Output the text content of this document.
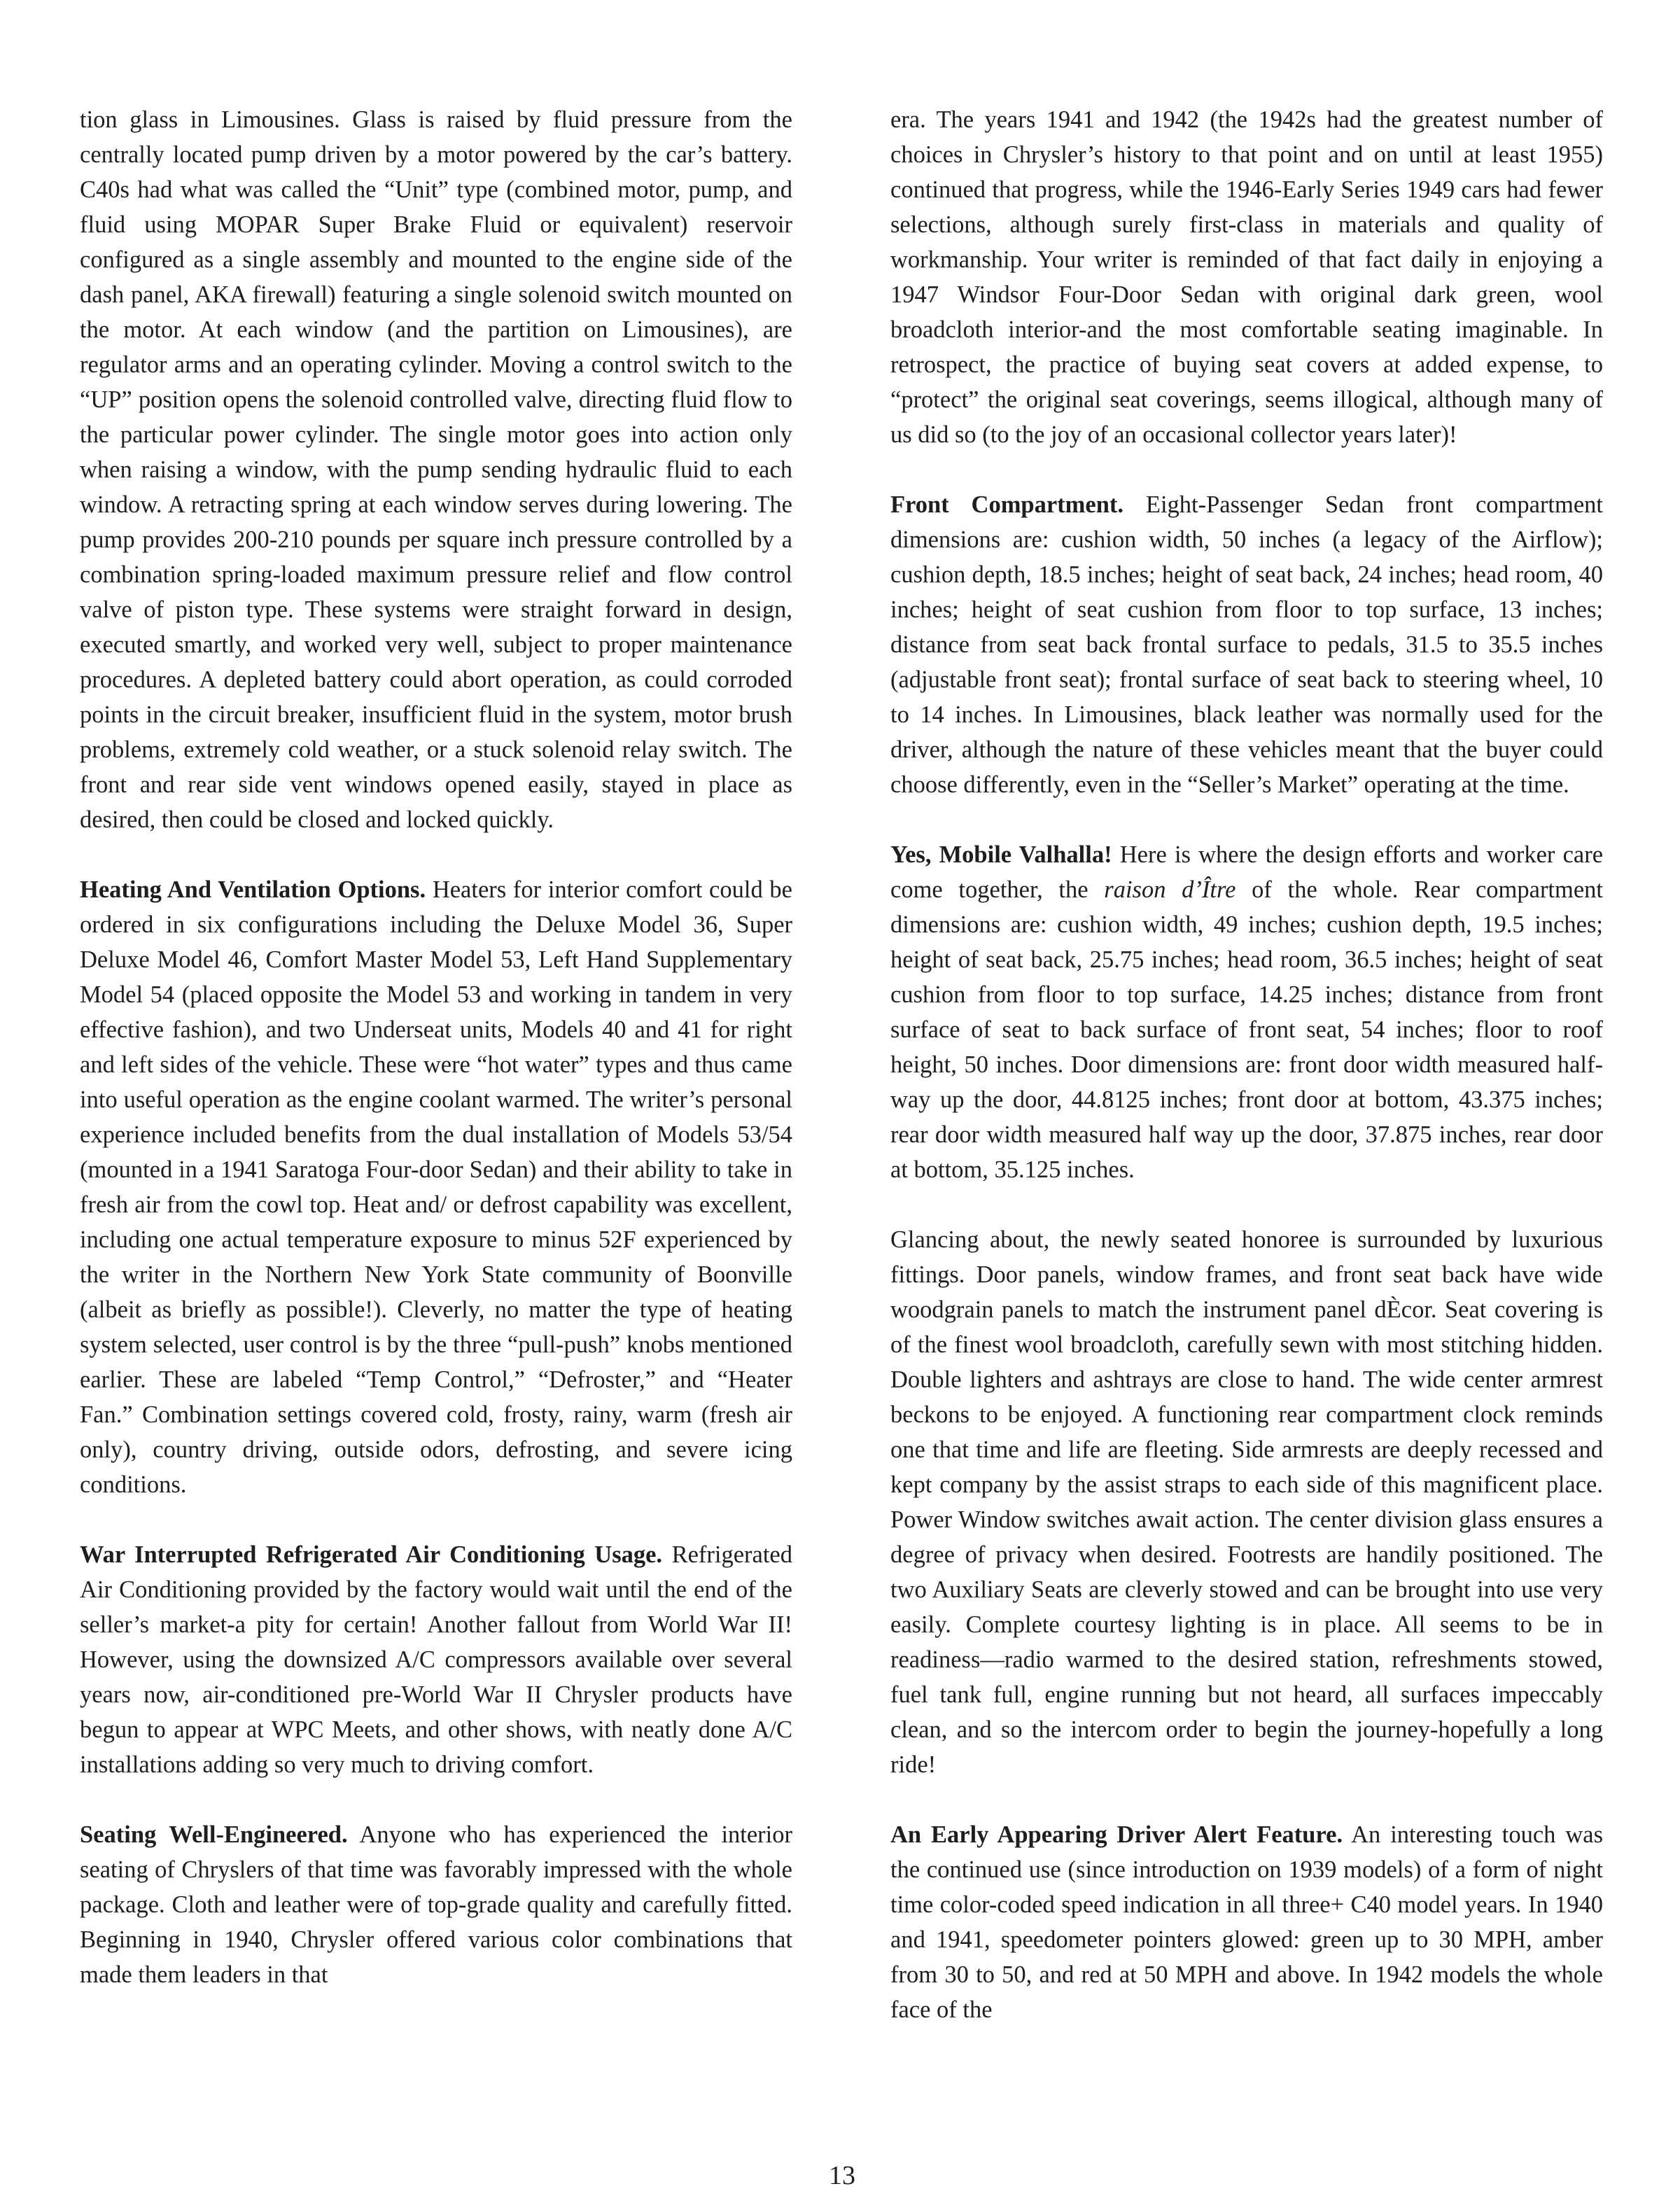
tion glass in Limousines. Glass is raised by fluid pressure from the centrally located pump driven by a motor powered by the car’s battery. C40s had what was called the “Unit” type (combined motor, pump, and fluid using MOPAR Super Brake Fluid or equivalent) reservoir configured as a single assembly and mounted to the engine side of the dash panel, AKA firewall) featuring a single solenoid switch mounted on the motor. At each window (and the partition on Limousines), are regulator arms and an operating cylinder. Moving a control switch to the “UP” position opens the solenoid controlled valve, directing fluid flow to the particular power cylinder. The single motor goes into action only when raising a window, with the pump sending hydraulic fluid to each window. A retracting spring at each window serves during lowering. The pump provides 200-210 pounds per square inch pressure controlled by a combination spring-loaded maximum pressure relief and flow control valve of piston type. These systems were straight forward in design, executed smartly, and worked very well, subject to proper maintenance procedures. A depleted battery could abort operation, as could corroded points in the circuit breaker, insufficient fluid in the system, motor brush problems, extremely cold weather, or a stuck solenoid relay switch. The front and rear side vent windows opened easily, stayed in place as desired, then could be closed and locked quickly.

Heating And Ventilation Options. Heaters for interior comfort could be ordered in six configurations including the Deluxe Model 36, Super Deluxe Model 46, Comfort Master Model 53, Left Hand Supplementary Model 54 (placed opposite the Model 53 and working in tandem in very effective fashion), and two Underseat units, Models 40 and 41 for right and left sides of the vehicle. These were “hot water” types and thus came into useful operation as the engine coolant warmed. The writer’s personal experience included benefits from the dual installation of Models 53/54 (mounted in a 1941 Saratoga Four-door Sedan) and their ability to take in fresh air from the cowl top. Heat and/ or defrost capability was excellent, including one actual temperature exposure to minus 52F experienced by the writer in the Northern New York State community of Boonville (albeit as briefly as possible!). Cleverly, no matter the type of heating system selected, user control is by the three “pull-push” knobs mentioned earlier. These are labeled “Temp Control,” “Defroster,” and “Heater Fan.” Combination settings covered cold, frosty, rainy, warm (fresh air only), country driving, outside odors, defrosting, and severe icing conditions.

War Interrupted Refrigerated Air Conditioning Usage. Refrigerated Air Conditioning provided by the factory would wait until the end of the seller’s market-a pity for certain! Another fallout from World War II! However, using the downsized A/C compressors available over several years now, air-conditioned pre-World War II Chrysler products have begun to appear at WPC Meets, and other shows, with neatly done A/C installations adding so very much to driving comfort.

Seating Well-Engineered. Anyone who has experienced the interior seating of Chryslers of that time was favorably impressed with the whole package. Cloth and leather were of top-grade quality and carefully fitted. Beginning in 1940, Chrysler offered various color combinations that made them leaders in that

era. The years 1941 and 1942 (the 1942s had the greatest number of choices in Chrysler’s history to that point and on until at least 1955) continued that progress, while the 1946-Early Series 1949 cars had fewer selections, although surely first-class in materials and quality of workmanship. Your writer is reminded of that fact daily in enjoying a 1947 Windsor Four-Door Sedan with original dark green, wool broadcloth interior-and the most comfortable seating imaginable. In retrospect, the practice of buying seat covers at added expense, to “protect” the original seat coverings, seems illogical, although many of us did so (to the joy of an occasional collector years later)!

Front Compartment. Eight-Passenger Sedan front compartment dimensions are: cushion width, 50 inches (a legacy of the Airflow); cushion depth, 18.5 inches; height of seat back, 24 inches; head room, 40 inches; height of seat cushion from floor to top surface, 13 inches; distance from seat back frontal surface to pedals, 31.5 to 35.5 inches (adjustable front seat); frontal surface of seat back to steering wheel, 10 to 14 inches. In Limousines, black leather was normally used for the driver, although the nature of these vehicles meant that the buyer could choose differently, even in the “Seller’s Market” operating at the time.

Yes, Mobile Valhalla! Here is where the design efforts and worker care come together, the raison d’Ître of the whole. Rear compartment dimensions are: cushion width, 49 inches; cushion depth, 19.5 inches; height of seat back, 25.75 inches; head room, 36.5 inches; height of seat cushion from floor to top surface, 14.25 inches; distance from front surface of seat to back surface of front seat, 54 inches; floor to roof height, 50 inches. Door dimensions are: front door width measured half-way up the door, 44.8125 inches; front door at bottom, 43.375 inches; rear door width measured half way up the door, 37.875 inches, rear door at bottom, 35.125 inches.

Glancing about, the newly seated honoree is surrounded by luxurious fittings. Door panels, window frames, and front seat back have wide woodgrain panels to match the instrument panel dÈcor. Seat covering is of the finest wool broadcloth, carefully sewn with most stitching hidden. Double lighters and ashtrays are close to hand. The wide center armrest beckons to be enjoyed. A functioning rear compartment clock reminds one that time and life are fleeting. Side armrests are deeply recessed and kept company by the assist straps to each side of this magnificent place. Power Window switches await action. The center division glass ensures a degree of privacy when desired. Footrests are handily positioned. The two Auxiliary Seats are cleverly stowed and can be brought into use very easily. Complete courtesy lighting is in place. All seems to be in readiness—radio warmed to the desired station, refreshments stowed, fuel tank full, engine running but not heard, all surfaces impeccably clean, and so the intercom order to begin the journey-hopefully a long ride!

An Early Appearing Driver Alert Feature. An interesting touch was the continued use (since introduction on 1939 models) of a form of night time color-coded speed indication in all three+ C40 model years. In 1940 and 1941, speedometer pointers glowed: green up to 30 MPH, amber from 30 to 50, and red at 50 MPH and above. In 1942 models the whole face of the

13
